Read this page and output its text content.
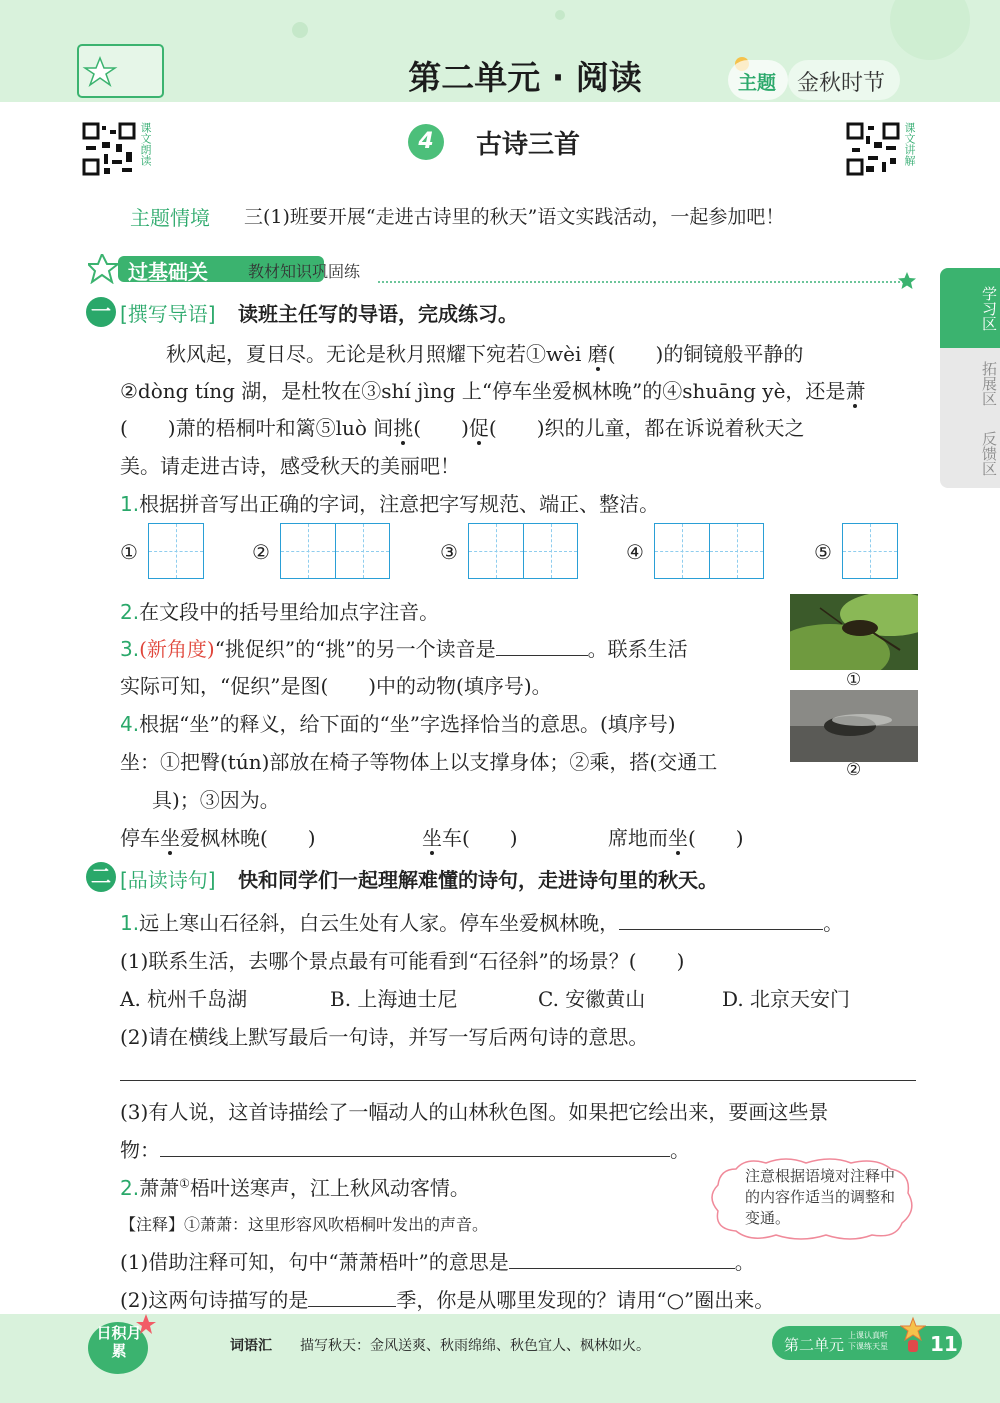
第二单元 · 阅读	主题 金秋时节
课文朗读	课文讲解
4	古诗三首
主题情境 三(1)班要开展“走进古诗里的秋天”语文实践活动，一起参加吧！
过基础关	教材知识巩固练
学习区
拓展区
反馈区
一 [撰写导语] 读班主任写的导语，完成练习。
秋风起，夏日尽。无论是秋月照耀下宛若①wèi 磨(　　)的铜镜般平静的
②dòng tíng 湖，是杜牧在③shí jìng 上“停车坐爱枫林晚”的④shuāng yè，还是萧
(　　)萧的梧桐叶和篱⑤luò 间挑(　　)促(　　)织的儿童，都在诉说着秋天之
美。请走进古诗，感受秋天的美丽吧！
1.根据拼音写出正确的字词，注意把字写规范、端正、整洁。
①	②	③	④	⑤
2.在文段中的括号里给加点字注音。
①
②
3.(新角度)“挑促织”的“挑”的另一个读音是	。联系生活
实际可知，“促织”是图(　　)中的动物(填序号)。
4.根据“坐”的释义，给下面的“坐”字选择恰当的意思。(填序号)
坐：①把臀(tún)部放在椅子等物体上以支撑身体；②乘，搭(交通工
具)；③因为。
停车坐爱枫林晚(　　)	坐车(　　)	席地而坐(　　)
二 [品读诗句] 快和同学们一起理解难懂的诗句，走进诗句里的秋天。
1.远上寒山石径斜，白云生处有人家。停车坐爱枫林晚，	。
(1)联系生活，去哪个景点最有可能看到“石径斜”的场景？(　　)
A. 杭州千岛湖	B. 上海迪士尼	C. 安徽黄山	D. 北京天安门
(2)请在横线上默写最后一句诗，并写一写后两句诗的意思。
(3)有人说，这首诗描绘了一幅动人的山林秋色图。如果把它绘出来，要画这些景
物：	。
2.萧萧①梧叶送寒声，江上秋风动客情。
【注释】①萧萧：这里形容风吹梧桐叶发出的声音。
(1)借助注释可知，句中“萧萧梧叶”的意思是	。
(2)这两句诗描写的是	季，你是从哪里发现的？请用“○”圈出来。
注意根据语境对注释中的内容作适当的调整和变通。
日积月累	词语汇 描写秋天：金风送爽、秋雨绵绵、秋色宜人、枫林如火。	第二单元
上课认真听
下课练天星 11
